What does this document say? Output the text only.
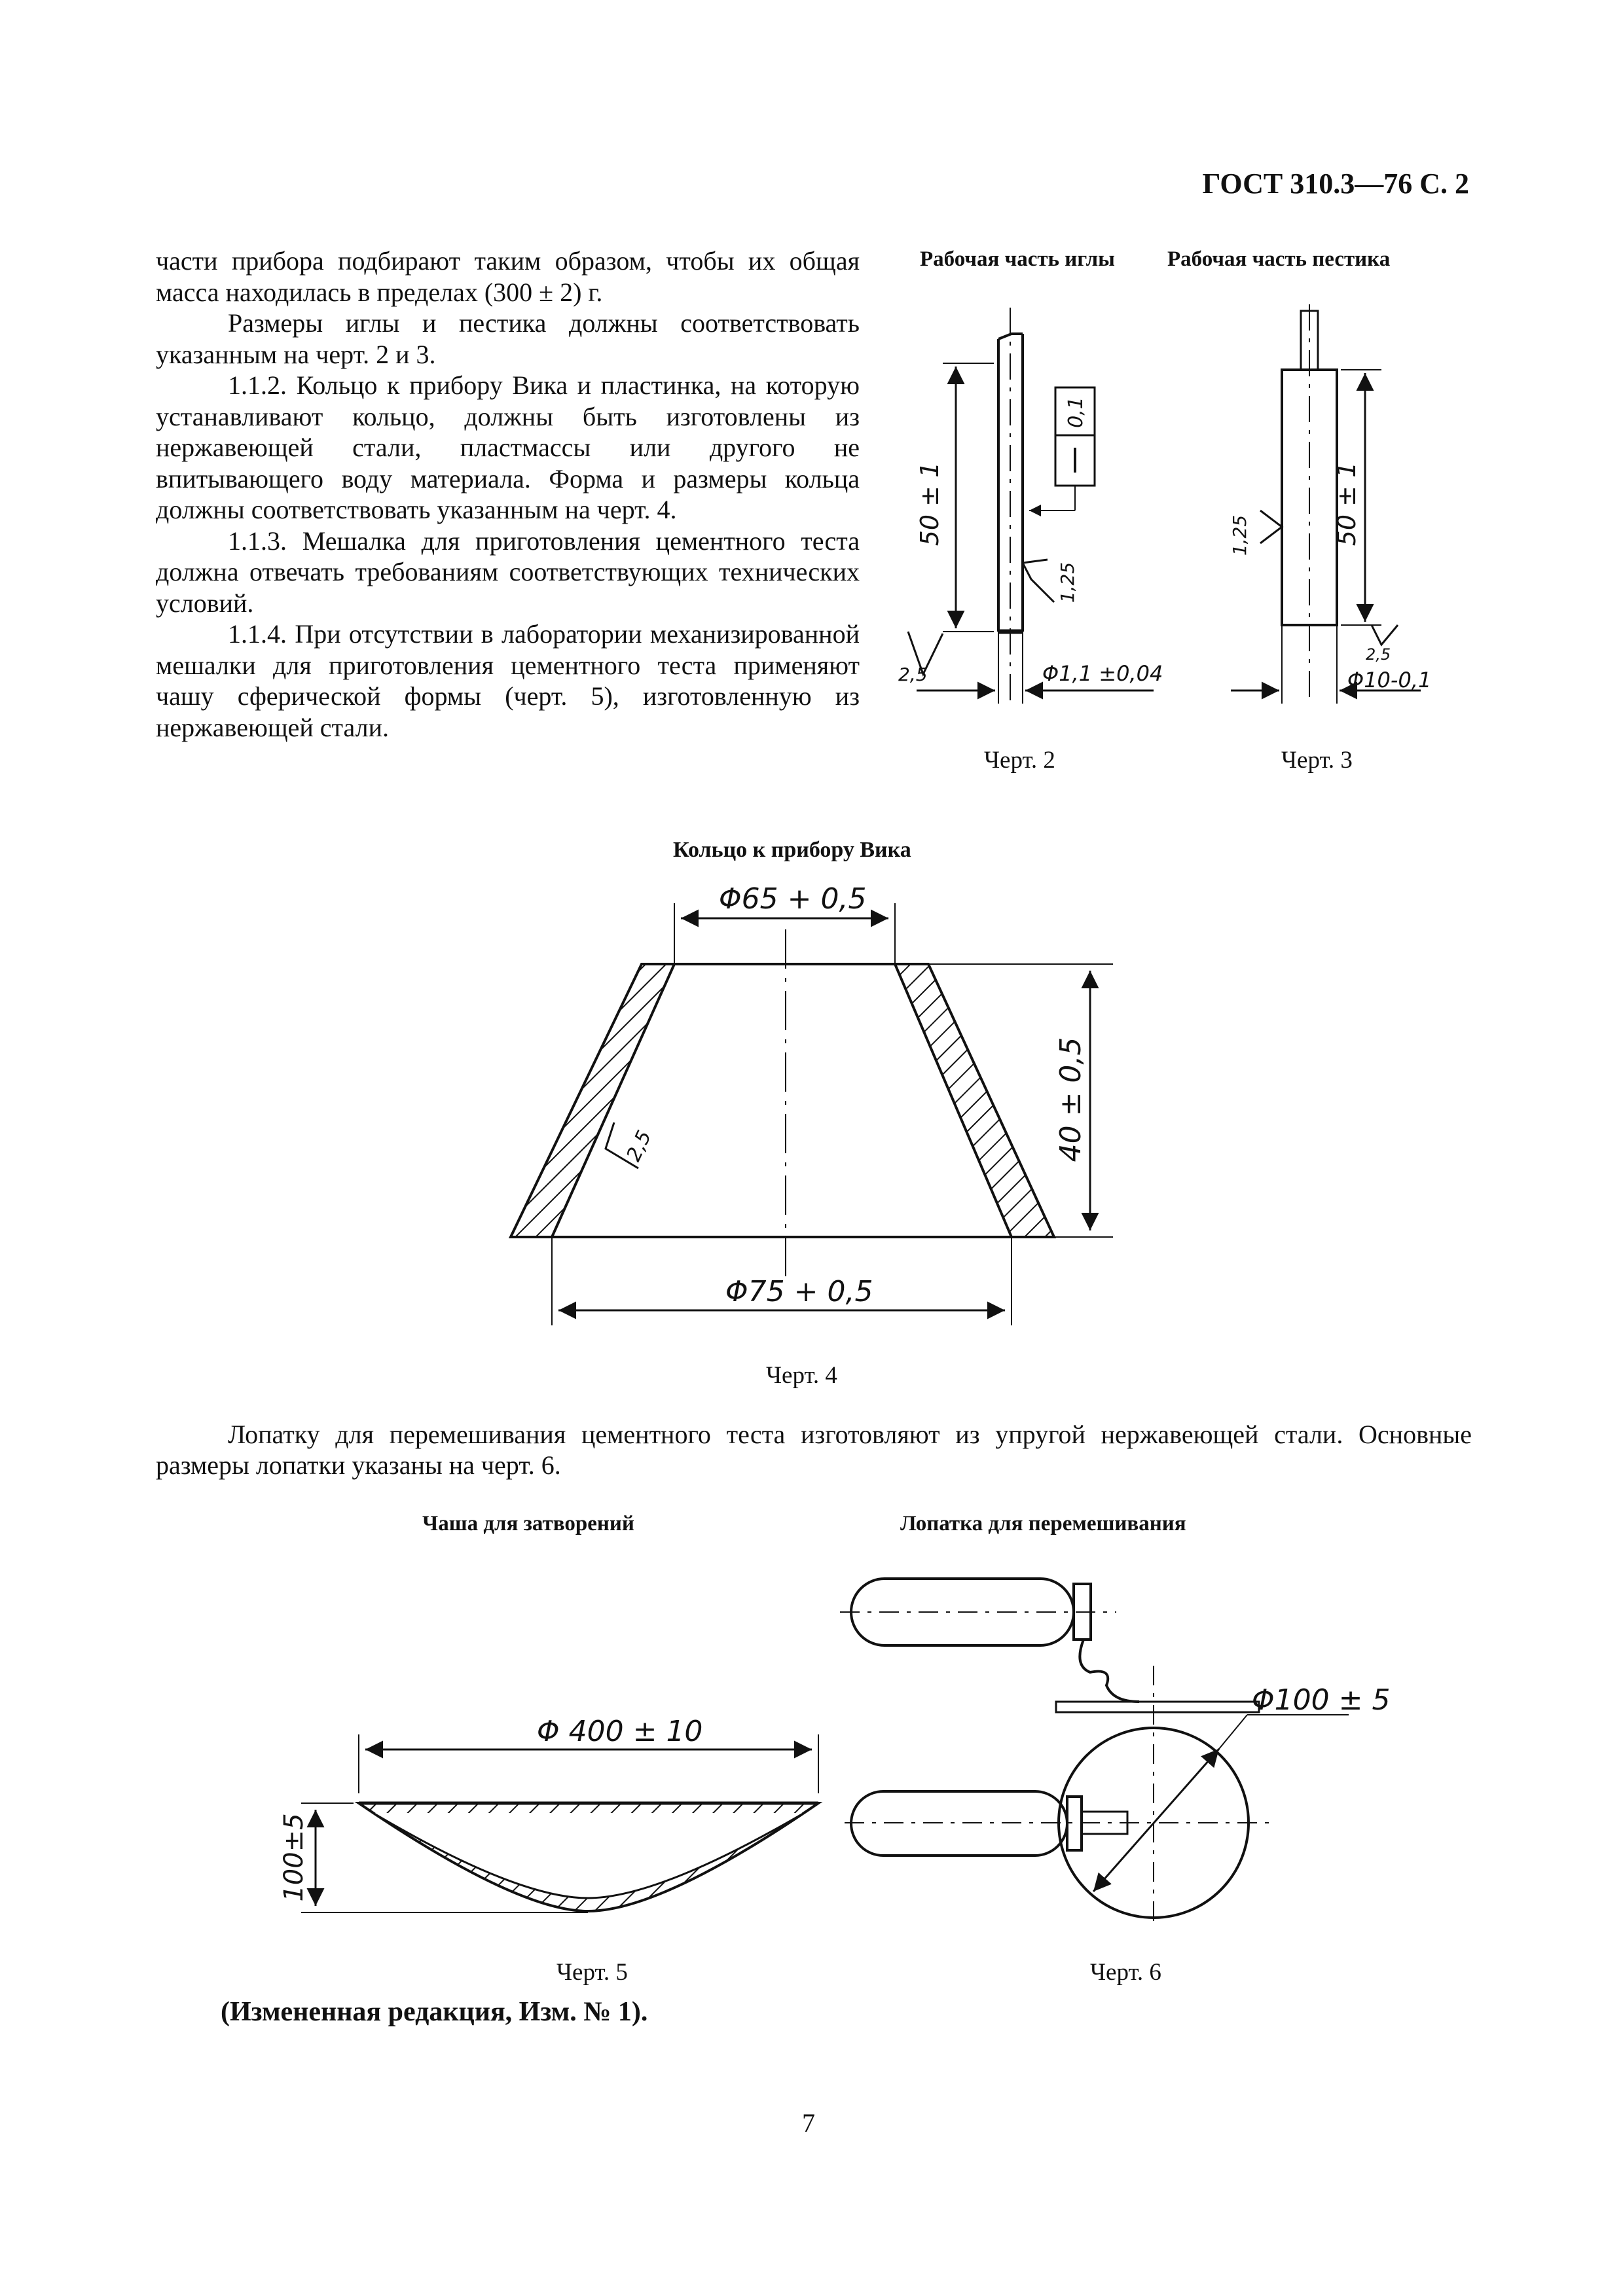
ГОСТ 310.3—76 С. 2

части прибора подбирают таким образом, чтобы их общая масса находилась в пределах (300 ± 2) г.

Размеры иглы и пестика должны соответствовать указанным на черт. 2 и 3.

1.1.2. Кольцо к прибору Вика и пластинка, на которую устанавливают кольцо, должны быть изготовлены из нержавеющей стали, пластмассы или другого не впитывающего воду материала. Форма и размеры кольца должны соответствовать указанным на черт. 4.

1.1.3. Мешалка для приготовления цементного теста должна отвечать требованиям соответствующих технических условий.

1.1.4. При отсутствии в лаборатории механизированной мешалки для приготовления цементного теста применяют чашу сферической формы (черт. 5), изготовленную из нержавеющей стали.

Рабочая часть иглы Рабочая часть пестика
Черт. 2	Черт. 3
Кольцо к прибору Вика
Черт. 4

Лопатку для перемешивания цементного теста изготовляют из упругой нержавеющей стали. Основные размеры лопатки указаны на черт. 6.

Чаша для затворений	Лопатка для перемешивания
Черт. 5	Черт. 6
(Измененная редакция, Изм. № 1).
7
50 ± 1
0,1
1,25
2,5	Φ1,1 ±0,04
50 ± 1
1,25
2,5
Φ10-0,1
Φ65 + 0,5
Φ75 + 0,5
40 ± 0,5
2,5
Φ 400 ± 10
100±5
Φ100 ± 5
